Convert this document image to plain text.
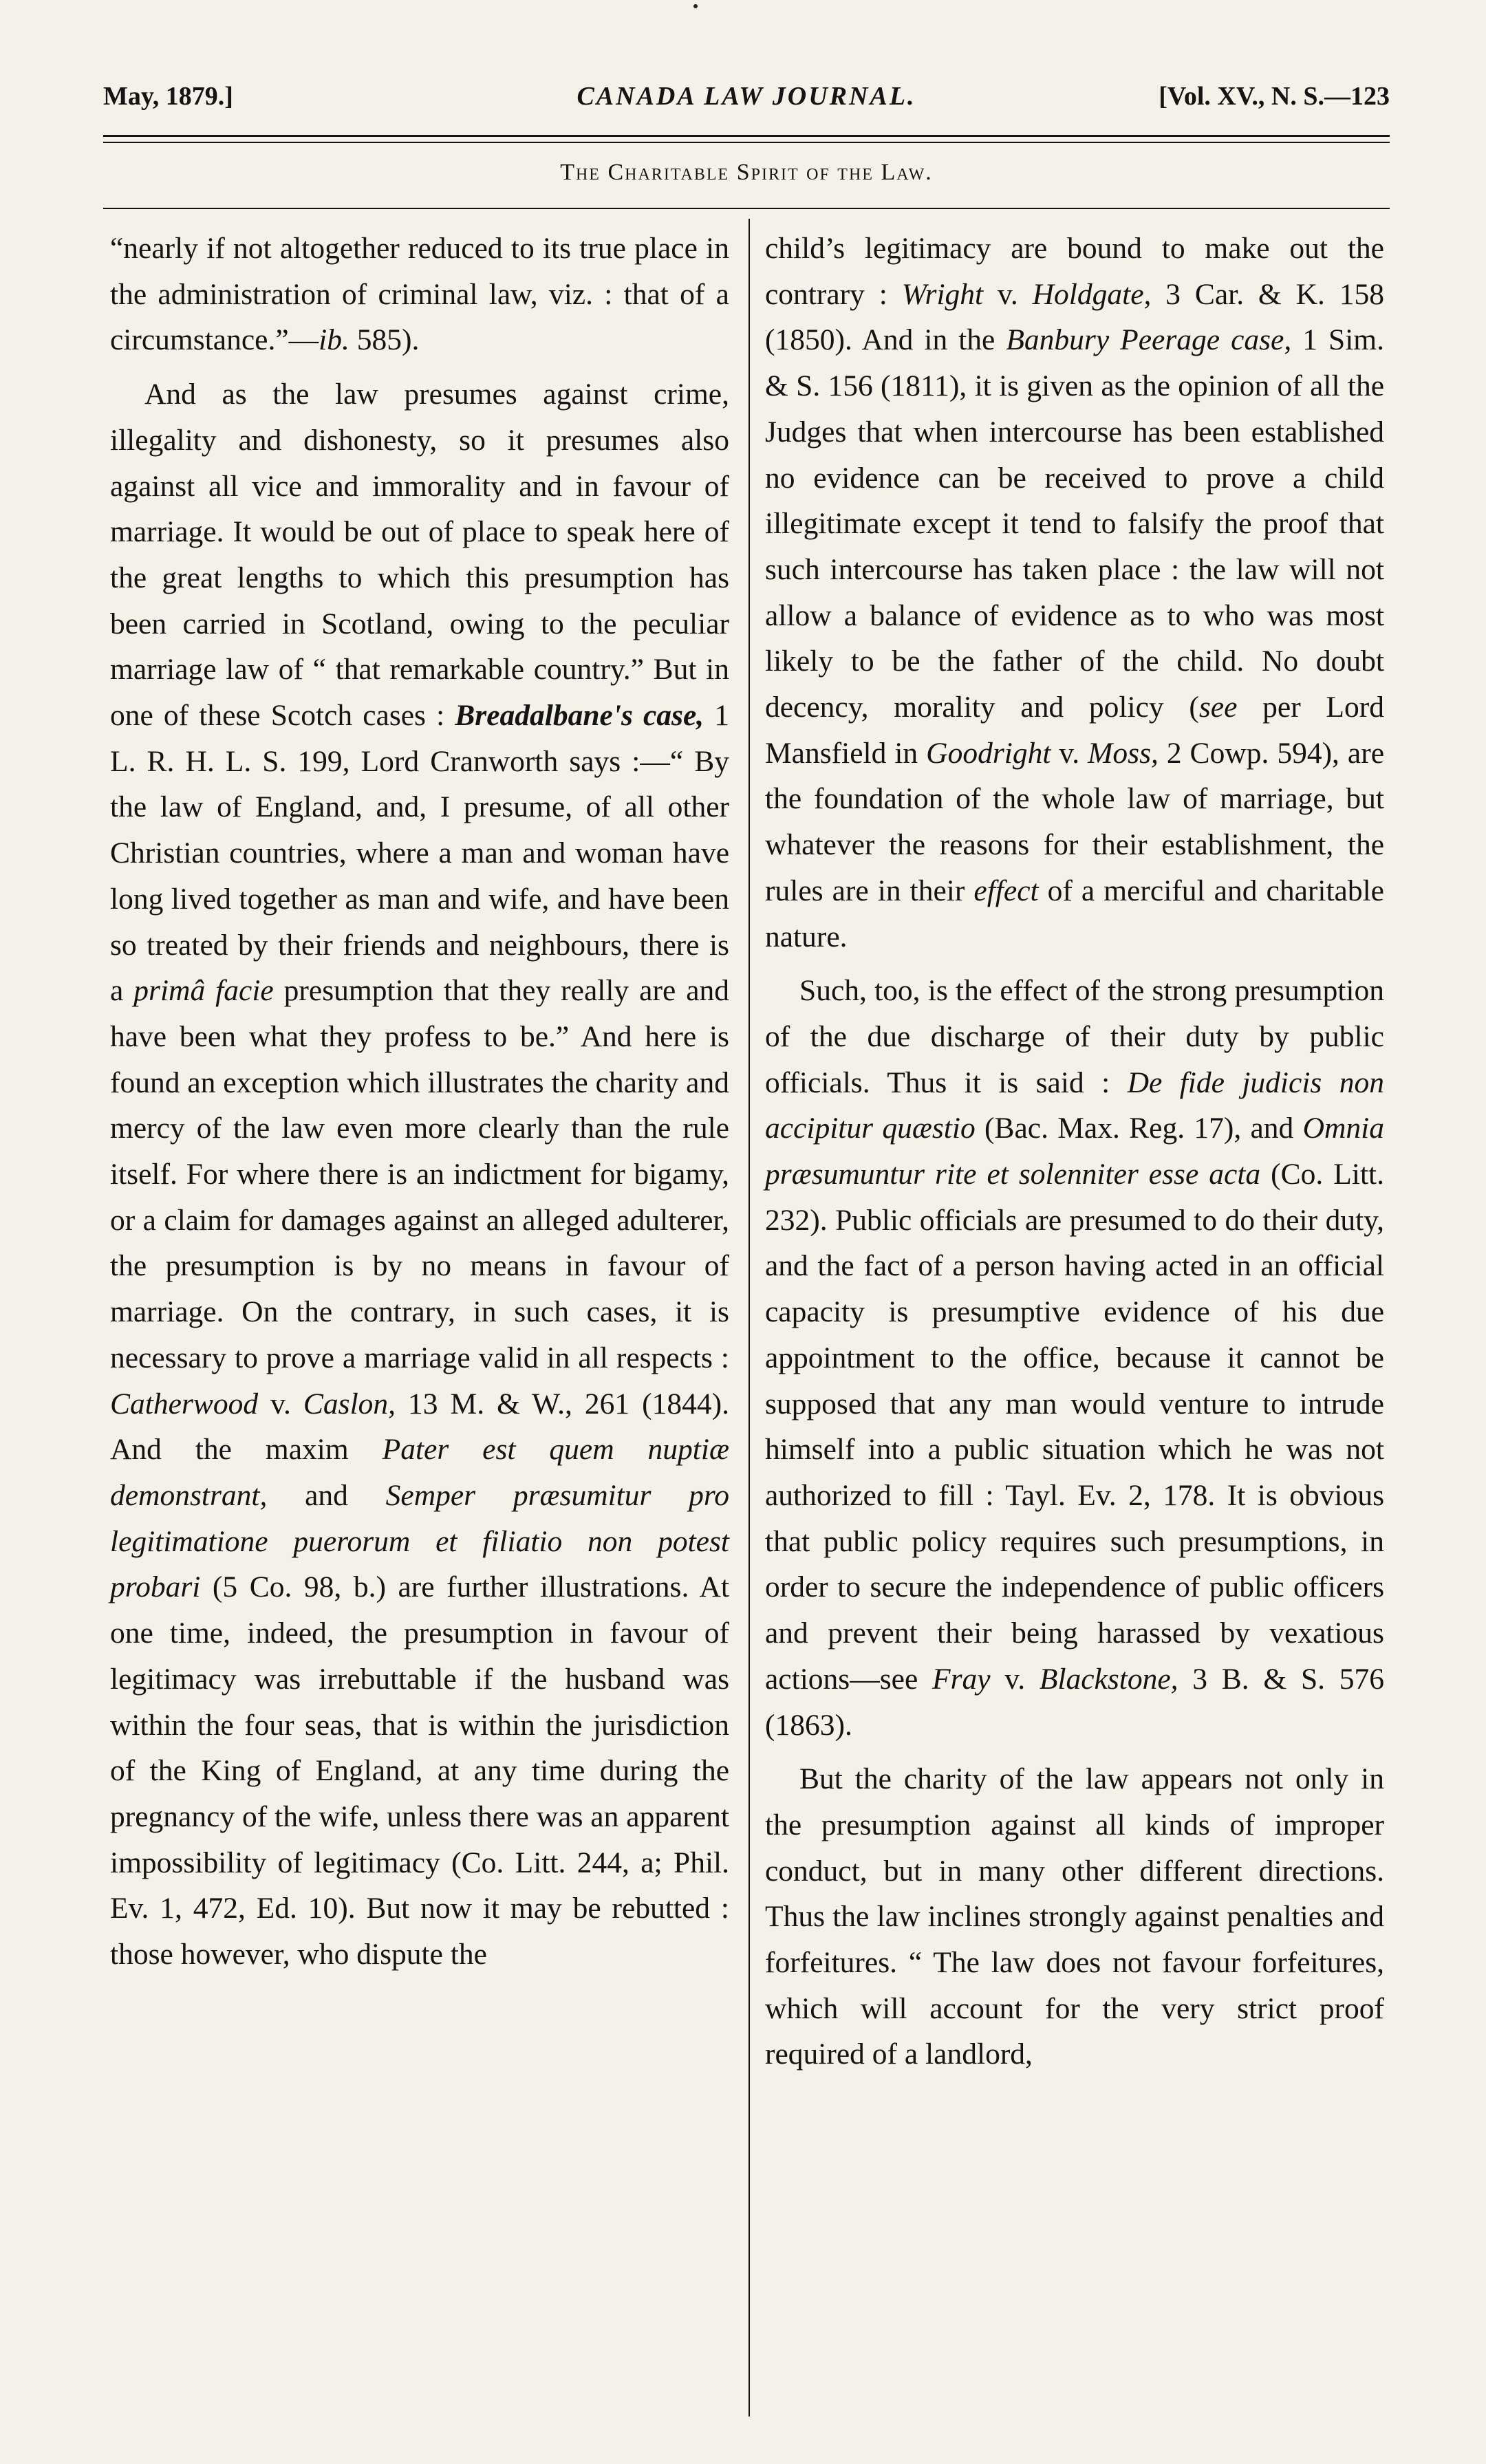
May, 1879.]	CANADA LAW JOURNAL.	[Vol. XV., N. S.—123
The Charitable Spirit of the Law.

“nearly if not altogether reduced to its true place in the administration of criminal law, viz. : that of a circumstance.”—ib. 585).

And as the law presumes against crime, illegality and dishonesty, so it presumes also against all vice and immorality and in favour of marriage. It would be out of place to speak here of the great lengths to which this presumption has been carried in Scotland, owing to the peculiar marriage law of “ that remarkable country.” But in one of these Scotch cases : Breadalbane's case, 1 L. R. H. L. S. 199, Lord Cranworth says :—“ By the law of England, and, I presume, of all other Christian countries, where a man and woman have long lived together as man and wife, and have been so treated by their friends and neighbours, there is a primâ facie presumption that they really are and have been what they profess to be.” And here is found an exception which illustrates the charity and mercy of the law even more clearly than the rule itself. For where there is an indictment for bigamy, or a claim for damages against an alleged adulterer, the presumption is by no means in favour of marriage. On the contrary, in such cases, it is necessary to prove a marriage valid in all respects : Catherwood v. Caslon, 13 M. & W., 261 (1844). And the maxim Pater est quem nuptiæ demonstrant, and Semper præsumitur pro legitimatione puerorum et filiatio non potest probari (5 Co. 98, b.) are further illustrations. At one time, indeed, the presumption in favour of legitimacy was irrebuttable if the husband was within the four seas, that is within the jurisdiction of the King of England, at any time during the pregnancy of the wife, unless there was an apparent impossibility of legitimacy (Co. Litt. 244, a; Phil. Ev. 1, 472, Ed. 10). But now it may be rebutted : those however, who dispute the

child’s legitimacy are bound to make out the contrary : Wright v. Holdgate, 3 Car. & K. 158 (1850). And in the Banbury Peerage case, 1 Sim. & S. 156 (1811), it is given as the opinion of all the Judges that when intercourse has been established no evidence can be received to prove a child illegitimate except it tend to falsify the proof that such intercourse has taken place : the law will not allow a balance of evidence as to who was most likely to be the father of the child. No doubt decency, morality and policy (see per Lord Mansfield in Goodright v. Moss, 2 Cowp. 594), are the foundation of the whole law of marriage, but whatever the reasons for their establishment, the rules are in their effect of a merciful and charitable nature.

Such, too, is the effect of the strong presumption of the due discharge of their duty by public officials. Thus it is said : De fide judicis non accipitur quæstio (Bac. Max. Reg. 17), and Omnia præsumuntur rite et solenniter esse acta (Co. Litt. 232). Public officials are presumed to do their duty, and the fact of a person having acted in an official capacity is presumptive evidence of his due appointment to the office, because it cannot be supposed that any man would venture to intrude himself into a public situation which he was not authorized to fill : Tayl. Ev. 2, 178. It is obvious that public policy requires such presumptions, in order to secure the independence of public officers and prevent their being harassed by vexatious actions—see Fray v. Blackstone, 3 B. & S. 576 (1863).

But the charity of the law appears not only in the presumption against all kinds of improper conduct, but in many other different directions. Thus the law inclines strongly against penalties and forfeitures. “ The law does not favour forfeitures, which will account for the very strict proof required of a landlord,
